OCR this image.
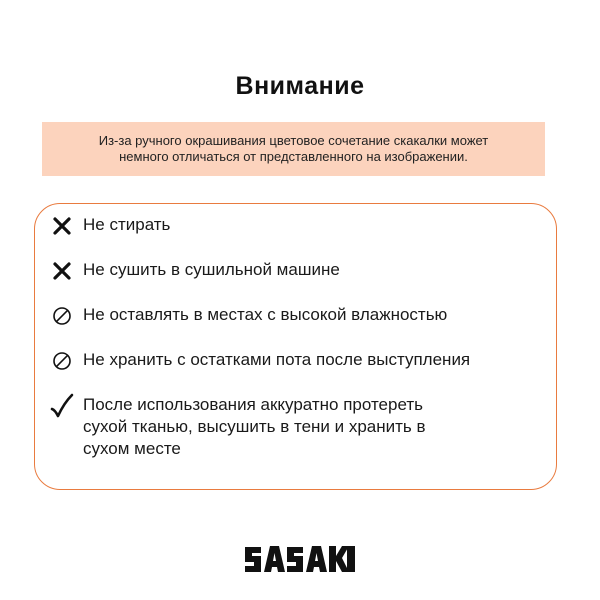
Внимание
Из-за ручного окрашивания цветовое сочетание скакалки может
немного отличаться от представленного на изображении.
Не стирать
Не сушить в сушильной машине
Не оставлять в местах с высокой влажностью
Не хранить с остатками пота после выступления
После использования аккуратно протереть
сухой тканью, высушить в тени и хранить в
сухом месте
